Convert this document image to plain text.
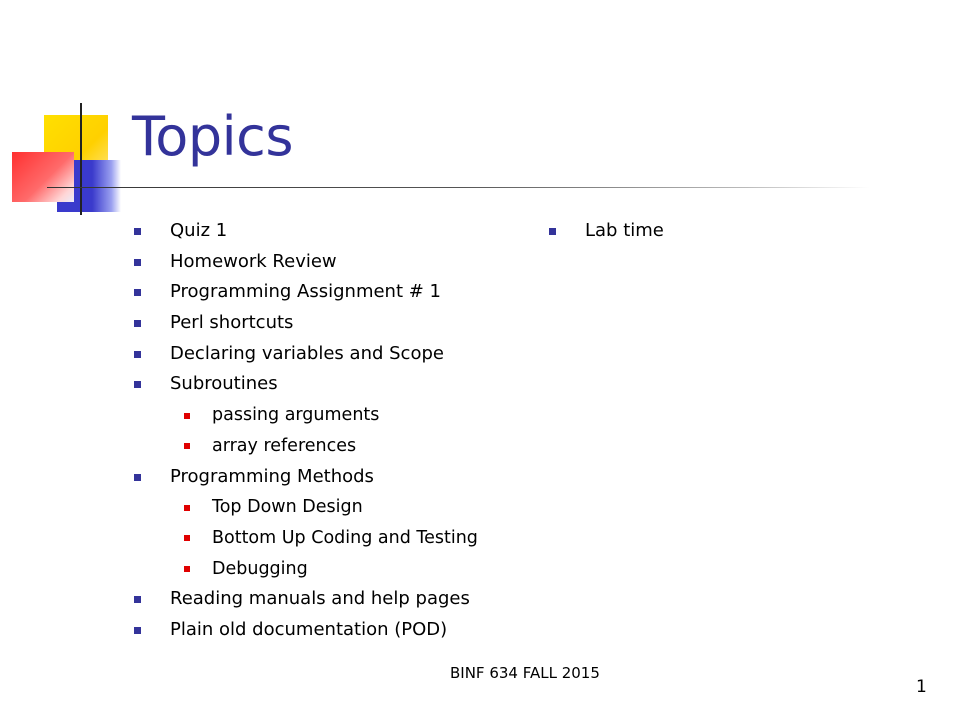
Topics
Quiz 1
Homework Review
Programming Assignment # 1
Perl shortcuts
Declaring variables and Scope
Subroutines
passing arguments
array references
Programming Methods
Top Down Design
Bottom Up Coding and Testing
Debugging
Reading manuals and help pages
Plain old documentation (POD)
Lab time
BINF 634 FALL 2015
1
